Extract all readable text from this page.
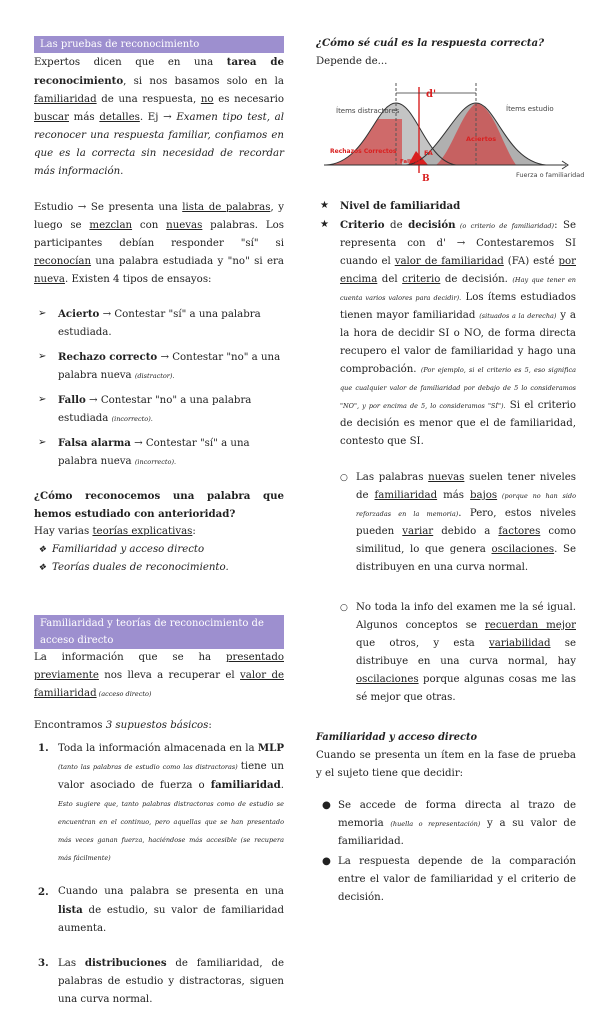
Las pruebas de reconocimiento

Expertos dicen que en una tarea de reconocimiento, si nos basamos solo en la familiaridad de una respuesta, no es necesario buscar más detalles. Ej → Examen tipo test, al reconocer una respuesta familiar, confiamos en que es la correcta sin necesidad de recordar más información.

Estudio → Se presenta una lista de palabras, y luego se mezclan con nuevas palabras. Los participantes debían responder "sí" si reconocían una palabra estudiada y "no" si era nueva. Existen 4 tipos de ensayos:

➢ Acierto → Contestar "sí" a una palabra estudiada.
➢ Rechazo correcto → Contestar "no" a una palabra nueva (distractor).
➢ Fallo → Contestar "no" a una palabra estudiada (incorrecto).
➢ Falsa alarma → Contestar "sí" a una palabra nueva (incorrecto).

¿Cómo reconocemos una palabra que hemos estudiado con anterioridad?

Hay varias teorías explicativas:

❖ Familiaridad y acceso directo
❖ Teorías duales de reconocimiento.
Familiaridad y teorías de reconocimiento de acceso directo

La información que se ha presentado previamente nos lleva a recuperar el valor de familiaridad (acceso directo)

Encontramos 3 supuestos básicos:

1. Toda la información almacenada en la MLP (tanto las palabras de estudio como las distractoras) tiene un valor asociado de fuerza o familiaridad. Esto sugiere que, tanto palabras distractoras como de estudio se encuentran en el continuo, pero aquellas que se han presentado más veces ganan fuerza, haciéndose más accesible (se recupera más fácilmente)
2. Cuando una palabra se presenta en una lista de estudio, su valor de familiaridad aumenta.
3. Las distribuciones de familiaridad, de palabras de estudio y distractoras, siguen una curva normal.

¿Cómo sé cuál es la respuesta correcta? Depende de...

d'
Ítems distractores	Ítems estudio
Aciertos
Rechazos Correctos	FA
Fallos
B	Fuerza o familiaridad
★ Nivel de familiaridad
★ Criterio de decisión (o criterio de familiaridad): Se representa con d' → Contestaremos SI cuando el valor de familiaridad (FA) esté por encima del criterio de decisión. (Hay que tener en cuenta varios valores para decidir). Los ítems estudiados tienen mayor familiaridad (situados a la derecha) y a la hora de decidir SI o NO, de forma directa recupero el valor de familiaridad y hago una comprobación. (Por ejemplo, si el criterio es 5, eso significa que cualquier valor de familiaridad por debajo de 5 lo consideramos "NO", y por encima de 5, lo consideramos "SÍ"). Si el criterio de decisión es menor que el de familiaridad, contesto que SI.
○ Las palabras nuevas suelen tener niveles de familiaridad más bajos (porque no han sido reforzadas en la memoria). Pero, estos niveles pueden variar debido a factores como similitud, lo que genera oscilaciones. Se distribuyen en una curva normal.
○ No toda la info del examen me la sé igual. Algunos conceptos se recuerdan mejor que otros, y esta variabilidad se distribuye en una curva normal, hay oscilaciones porque algunas cosas me las sé mejor que otras.

Familiaridad y acceso directo

Cuando se presenta un ítem en la fase de prueba y el sujeto tiene que decidir:

● Se accede de forma directa al trazo de memoria (huella o representación) y a su valor de familiaridad.
● La respuesta depende de la comparación entre el valor de familiaridad y el criterio de decisión.
